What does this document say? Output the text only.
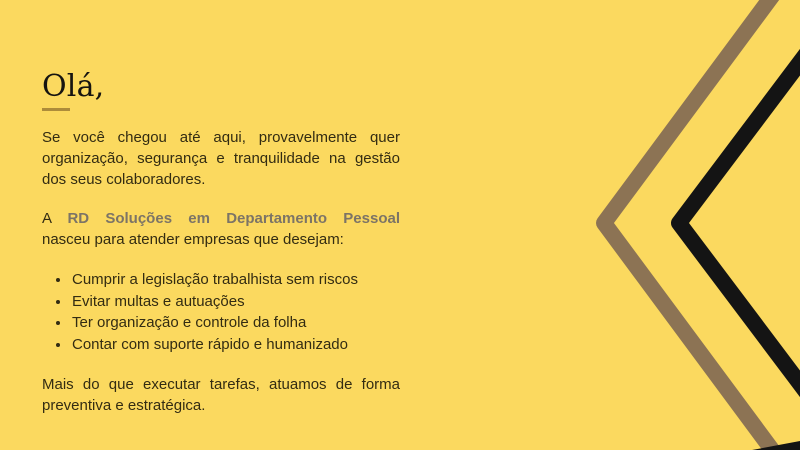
Olá,
Se você chegou até aqui, provavelmente quer
organização, segurança e tranquilidade na gestão
dos seus colaboradores.
A RD Soluções em Departamento Pessoal
nasceu para atender empresas que desejam:
• Cumprir a legislação trabalhista sem riscos
• Evitar multas e autuações
• Ter organização e controle da folha
• Contar com suporte rápido e humanizado
Mais do que executar tarefas, atuamos de forma
preventiva e estratégica.
